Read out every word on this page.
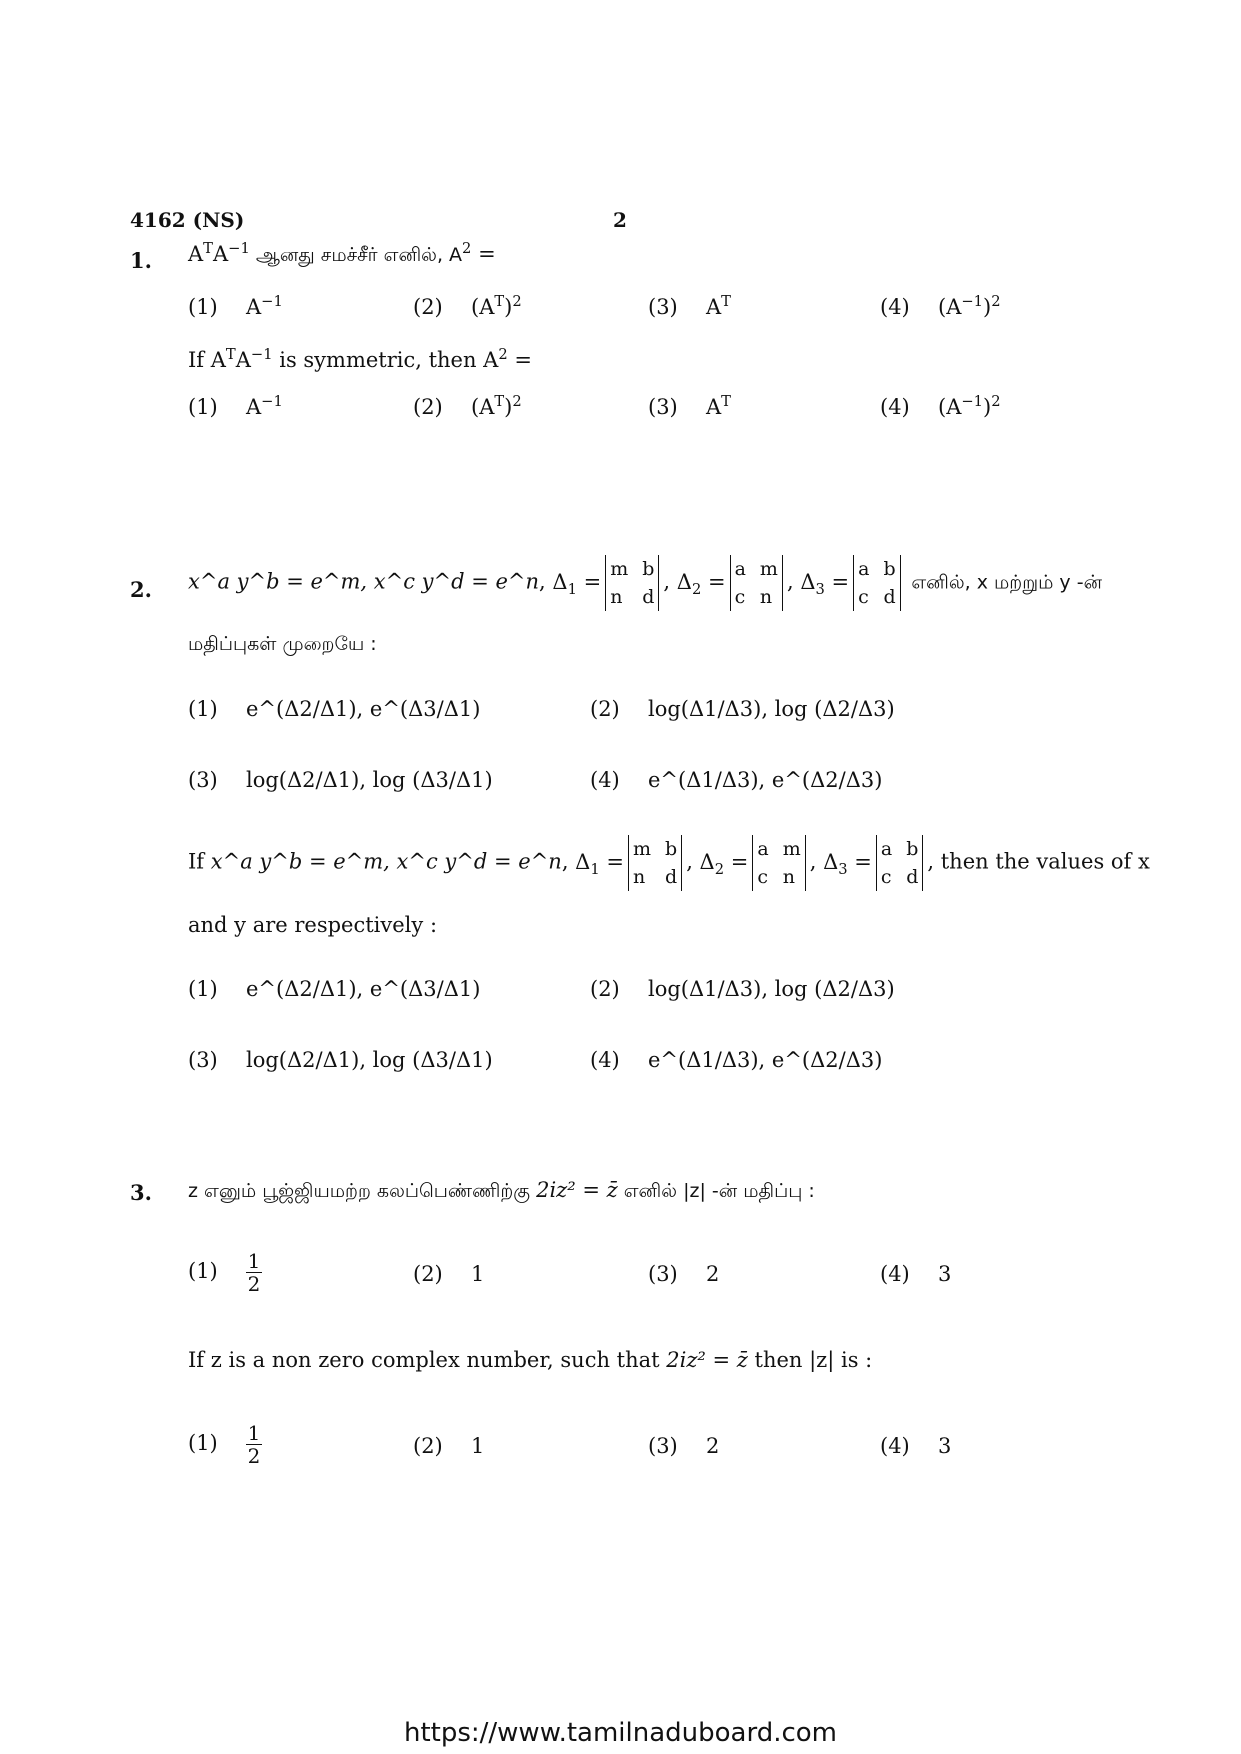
4162 (NS)	2
1. $A^TA^{-1}$ ஆனது சமச்சீர் எனில், $A^2$ =
(1) $A^{-1}$	(2) $(A^T)^2$	(3) $A^T$	(4) $(A^{-1})^2$
If $A^TA^{-1}$ is symmetric, then $A^2$ =
(1) $A^{-1}$	(2) $(A^T)^2$	(3) $A^T$	(4) $(A^{-1})^2$
2. x^a y^b = e^m, x^c y^d = e^n, $\Delta_1$ =
m
n
b
d
, $\Delta_2$ =
a
c
m
n
, $\Delta_3$ =
a
c
b
d
எனில், x மற்றும் y -ன்
மதிப்புகள் முறையே :
(1) e^(Δ2/Δ1), e^(Δ3/Δ1)	(2) log(Δ1/Δ3), log (Δ2/Δ3)
(3) log(Δ2/Δ1), log (Δ3/Δ1)	(4) e^(Δ1/Δ3), e^(Δ2/Δ3)
If x^a y^b = e^m, x^c y^d = e^n, $\Delta_1$ =
m
n
b
d
, $\Delta_2$ =
a
c
m
n
, $\Delta_3$ =
a
c
b
d
, then the values of x
and y are respectively :
(1) e^(Δ2/Δ1), e^(Δ3/Δ1)	(2) log(Δ1/Δ3), log (Δ2/Δ3)
(3) log(Δ2/Δ1), log (Δ3/Δ1)	(4) e^(Δ1/Δ3), e^(Δ2/Δ3)
3. z எனும் பூஜ்ஜியமற்ற கலப்பெண்ணிற்கு 2iz² = z̄ எனில் |z| -ன் மதிப்பு :
$(1) \frac{1}{2}$	(2) 1	(3) 2	(4) 3
If z is a non zero complex number, such that 2iz² = z̄ then |z| is :
$(1) \frac{1}{2}$	(2) 1	(3) 2	(4) 3
https://www.tamilnaduboard.com
